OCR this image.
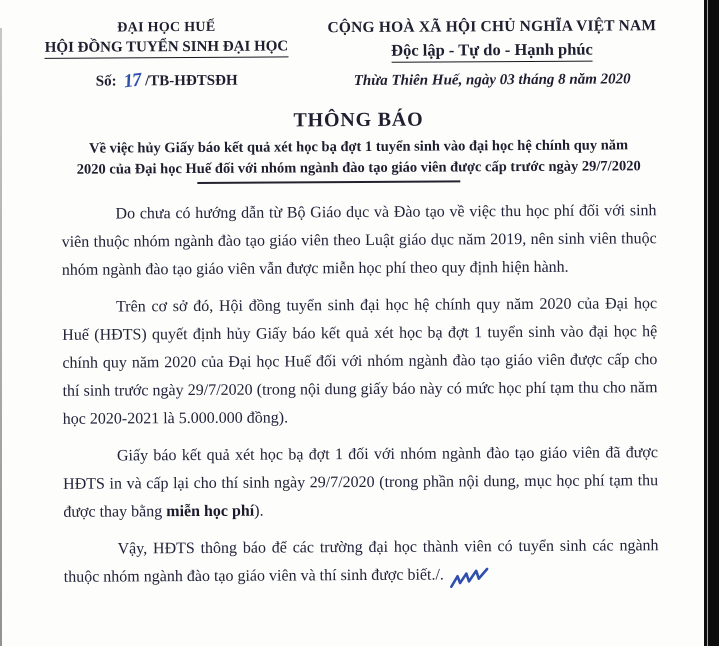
ĐẠI HỌC HUẾ
HỘI ĐỒNG TUYỂN SINH ĐẠI HỌC
Số: 17 /TB-HĐTSĐH
CỘNG HOÀ XÃ HỘI CHỦ NGHĨA VIỆT NAM
Độc lập - Tự do - Hạnh phúc
Thừa Thiên Huế, ngày 03 tháng 8 năm 2020
THÔNG BÁO
Về việc hủy Giấy báo kết quả xét học bạ đợt 1 tuyển sinh vào đại học hệ chính quy năm
2020 của Đại học Huế đối với nhóm ngành đào tạo giáo viên được cấp trước ngày 29/7/2020

Do chưa có hướng dẫn từ Bộ Giáo dục và Đào tạo về việc thu học phí đối với sinh viên thuộc nhóm ngành đào tạo giáo viên theo Luật giáo dục năm 2019, nên sinh viên thuộc nhóm ngành đào tạo giáo viên vẫn được miễn học phí theo quy định hiện hành.

Trên cơ sở đó, Hội đồng tuyển sinh đại học hệ chính quy năm 2020 của Đại học Huế (HĐTS) quyết định hủy Giấy báo kết quả xét học bạ đợt 1 tuyển sinh vào đại học hệ chính quy năm 2020 của Đại học Huế đối với nhóm ngành đào tạo giáo viên được cấp cho thí sinh trước ngày 29/7/2020 (trong nội dung giấy báo này có mức học phí tạm thu cho năm học 2020-2021 là 5.000.000 đồng).

Giấy báo kết quả xét học bạ đợt 1 đối với nhóm ngành đào tạo giáo viên đã được HĐTS in và cấp lại cho thí sinh ngày 29/7/2020 (trong phần nội dung, mục học phí tạm thu được thay bằng miễn học phí).

Vậy, HĐTS thông báo để các trường đại học thành viên có tuyển sinh các ngành thuộc nhóm ngành đào tạo giáo viên và thí sinh được biết./.
